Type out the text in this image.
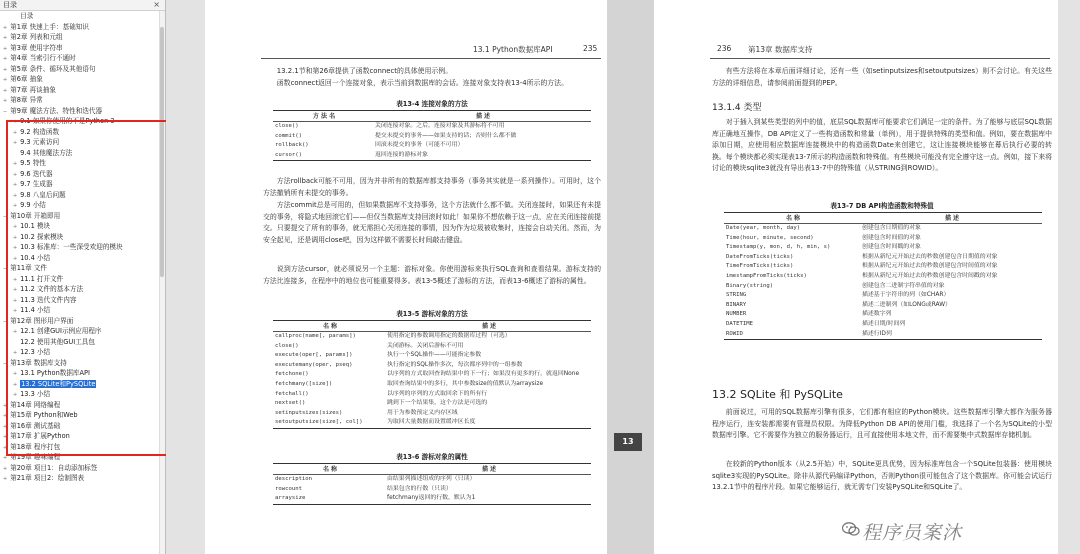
目录	×
目录
+ 第1章 快速上手：基础知识
+ 第2章 列表和元组
+ 第3章 使用字符串
+ 第4章 当索引行不通时
+ 第5章 条件、循环及其他语句
+ 第6章 抽象
+ 第7章 再谈抽象
+ 第8章 异常
− 第9章 魔法方法、特性和迭代器
+ 9.1 如果你使用的不是Python 3
+ 9.2 构造函数
+ 9.3 元素访问
9.4 其他魔法方法
+ 9.5 特性
+ 9.6 迭代器
+ 9.7 生成器
+ 9.8 八皇后问题
+ 9.9 小结
− 第10章 开箱即用
+ 10.1 模块
+ 10.2 探索模块
+ 10.3 标准库：一些深受欢迎的模块
+ 10.4 小结
− 第11章 文件
+ 11.1 打开文件
+ 11.2 文件的基本方法
+ 11.3 迭代文件内容
+ 11.4 小结
− 第12章 图形用户界面
+ 12.1 创建GUI示例应用程序
12.2 使用其他GUI工具包
+ 12.3 小结
− 第13章 数据库支持
+ 13.1 Python数据库API
+ 13.2 SQLite和PySQLite
+ 13.3 小结
+ 第14章 网络编程
+ 第15章 Python和Web
+ 第16章 测试基础
+ 第17章 扩展Python
+ 第18章 程序打包
+ 第19章 趣味编程
+ 第20章 项目1：自动添加标签
+ 第21章 项目2：绘制图表
13.1 Python数据库API	235
13.2.1节和第26章提供了函数connect的具体使用示例。
函数connect返回一个连接对象，表示当前到数据库的会话。连接对象支持表13-4所示的方法。
表13-4 连接对象的方法
方 法 名	描 述
close()	关闭连接对象。之后，连接对象及其游标将不可用
commit()	提交未提交的事务——如果支持的话；否则什么都不做
rollback()	回滚未提交的事务（可能不可用）
cursor()	返回连接的游标对象
方法rollback可能不可用，因为并非所有的数据库都支持事务（事务其实就是一系列操作）。可用时，这个方法撤销所有未提交的事务。
方法commit总是可用的，但如果数据库不支持事务，这个方法就什么都不做。关闭连接时，如果还有未提交的事务，将隐式地回滚它们——但仅当数据库支持回滚时如此！如果你不想依赖于这一点，应在关闭连接前提交。只要提交了所有的事务，就无需担心关闭连接的事情，因为作为垃圾被收集时，连接会自动关闭。然而，为安全起见，还是调用close吧，因为这样做不需要长时间敲击键盘。
说到方法cursor，就必须说另一个主题：游标对象。你使用游标来执行SQL查询和查看结果。游标支持的方法比连接多，在程序中的地位也可能重要得多。表13-5概述了游标的方法，而表13-6概述了游标的属性。
表13-5 游标对象的方法
名 称	描 述
callproc(name[, params])	使用指定的参数调用指定的数据库过程（可选）
close()	关闭游标。关闭后游标不可用
execute(oper[, params])	执行一个SQL操作——可能指定参数
executemany(oper, pseq)	执行指定的SQL操作多次，每次都序列中的一组参数
fetchone()	以序列的方式取回查询结果中的下一行；如果没有更多的行，就返回None
fetchmany([size])	取回查询结果中的多行，其中参数size的值默认为arraysize
fetchall()	以序列的序列的方式取回余下的所有行
nextset()	跳到下一个结果集，这个方法是可选的
setinputsizes(sizes)	用于为参数预定义内存区域
setoutputsize(size[, col])	为取回大量数据而设置缓冲区长度
表13-6 游标对象的属性
名 称	描 述
description	由结果列描述组成的序列（只读）
rowcount	结果包含的行数（只读）
arraysize	fetchmany返回的行数，默认为1
13
236 第13章 数据库支持
有些方法将在本章后面详细讨论，还有一些（如setinputsizes和setoutputsizes）则不会讨论。有关这些方法的详细信息，请参阅前面提到的PEP。
13.1.4 类型
对于插入到某些类型的列中的值，底层SQL数据库可能要求它们满足一定的条件。为了能够与底层SQL数据库正确地互操作，DB API定义了一些构造函数和常量（单例），用于提供特殊的类型和值。例如，要在数据库中添加日期，应使用相应数据库连接模块中的构造函数Date来创建它，这让连接模块能够在幕后执行必要的转换。每个模块都必须实现表13-7所示的构造函数和特殊值。有些模块可能没有完全遵守这一点。例如，接下来将讨论的模块sqlite3就没有导出表13-7中的特殊值（从STRING到ROWID）。
表13-7 DB API构造函数和特殊值
名 称	描 述
Date(year, month, day)	创建包含日期值的对象
Time(hour, minute, second)	创建包含时间值的对象
Timestamp(y, mon, d, h, min, s)	创建包含时间戳的对象
DateFromTicks(ticks)	根据从新纪元开始过去的秒数创建包含日期值的对象
TimeFromTicks(ticks)	根据从新纪元开始过去的秒数创建包含时间值的对象
imestampFromTicks(ticks)	根据从新纪元开始过去的秒数创建包含时间戳的对象
Binary(string)	创建包含二进制字符串值的对象
STRING	描述基于字符串的列（如CHAR）
BINARY	描述二进制列（如LONG或RAW）
NUMBER	描述数字列
DATETIME	描述日期/时间列
ROWID	描述行ID列
13.2 SQLite 和 PySQLite
前面说过，可用的SQL数据库引擎有很多，它们都有相应的Python模块。这些数据库引擎大都作为服务器程序运行，连安装都需要有管理员权限。为降低Python DB API的使用门槛，我选择了一个名为SQLite的小型数据库引擎。它不需要作为独立的服务器运行，且可直接使用本地文件，而不需要集中式数据库存储机制。
在较新的Python版本（从2.5开始）中，SQLite更具优势，因为标准库包含一个SQLite包装器：使用模块sqlite3实现的PySQLite。除非从源代码编译Python，否则Python很可能包含了这个数据库。你可能会试运行13.2.1节中的程序片段。如果它能够运行，就无需专门安装PySQLite和SQLite了。
程序员案沐
